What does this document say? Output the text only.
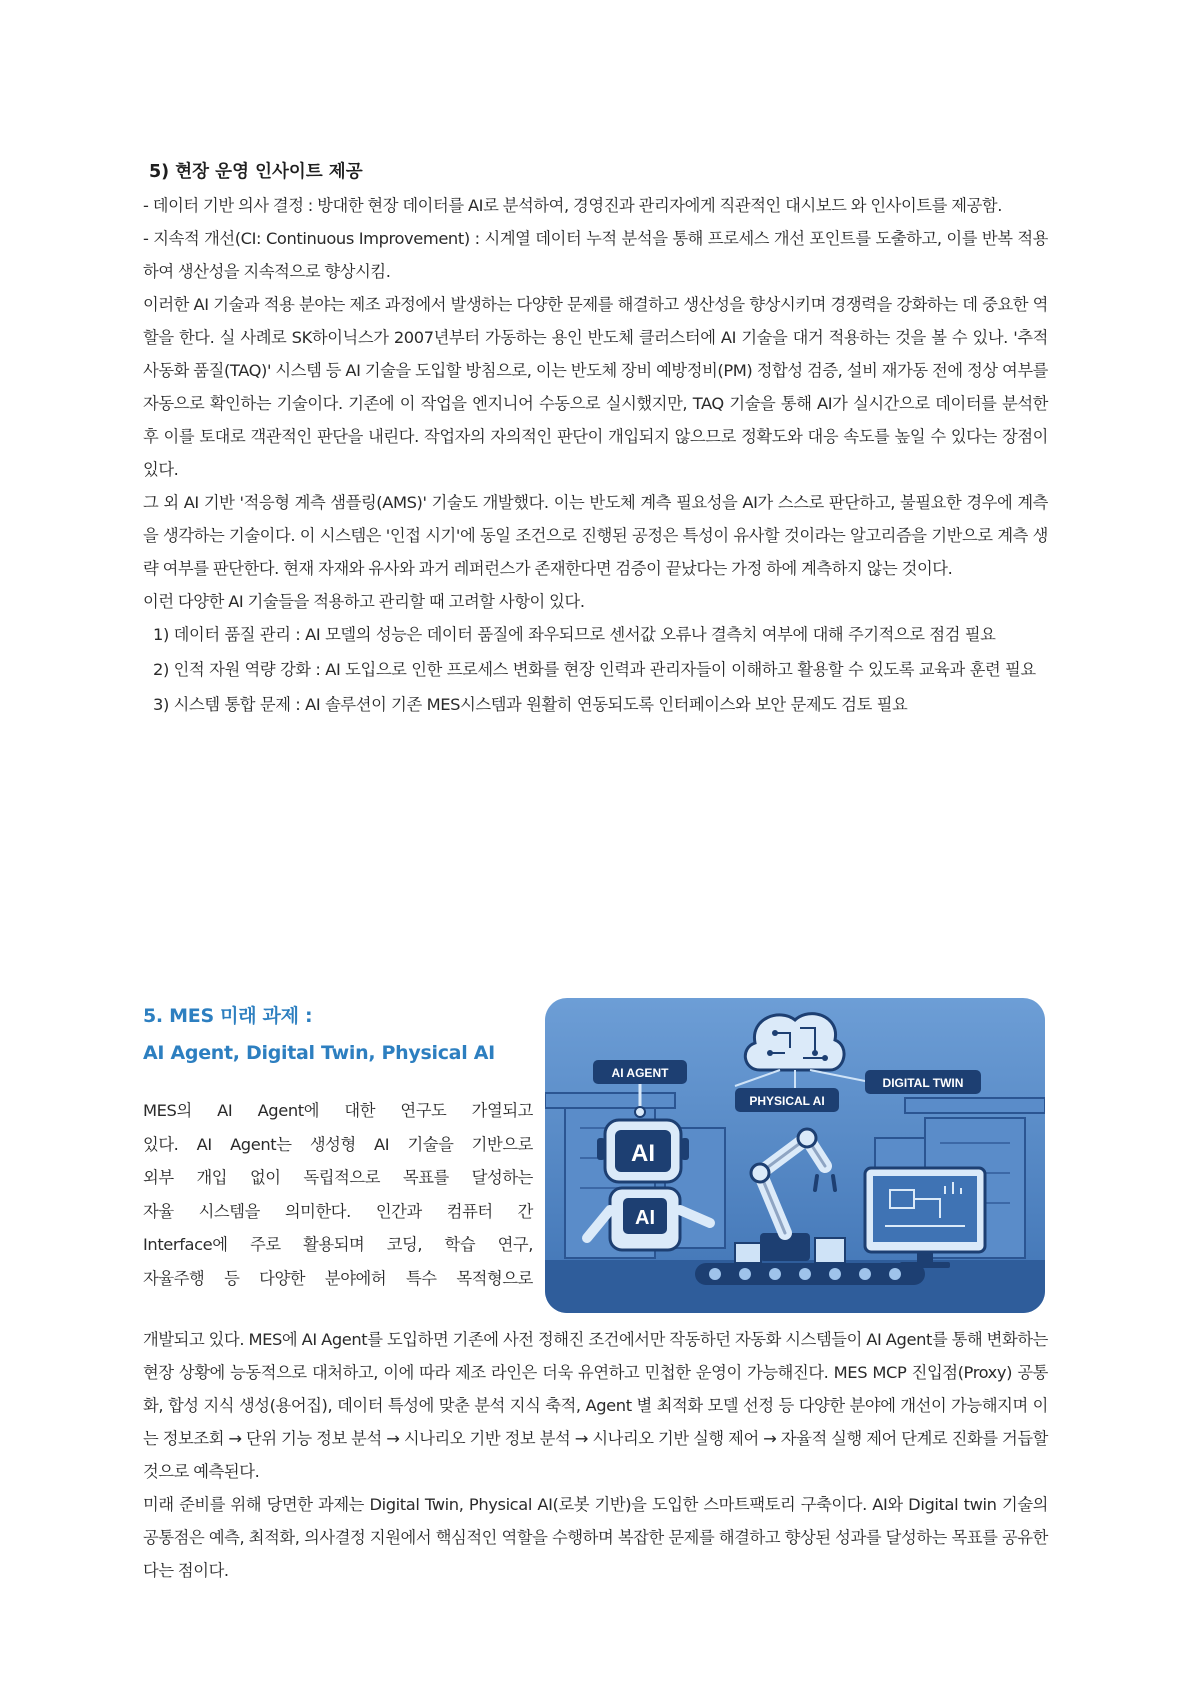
5) 현장 운영 인사이트 제공

- 데이터 기반 의사 결정 : 방대한 현장 데이터를 AI로 분석하여, 경영진과 관리자에게 직관적인 대시보드 와 인사이트를 제공함.

- 지속적 개선(CI: Continuous Improvement) : 시계열 데이터 누적 분석을 통해 프로세스 개선 포인트를 도출하고, 이를 반복 적용하여 생산성을 지속적으로 향상시킴.

이러한 AI 기술과 적용 분야는 제조 과정에서 발생하는 다양한 문제를 해결하고 생산성을 향상시키며 경쟁력을 강화하는 데 중요한 역할을 한다. 실 사례로 SK하이닉스가 2007년부터 가동하는 용인 반도체 클러스터에 AI 기술을 대거 적용하는 것을 볼 수 있나. '추적 사동화 품질(TAQ)' 시스템 등 AI 기술을 도입할 방침으로, 이는 반도체 장비 예방정비(PM) 정합성 검증, 설비 재가동 전에 정상 여부를 자동으로 확인하는 기술이다. 기존에 이 작업을 엔지니어 수동으로 실시했지만, TAQ 기술을 통해 AI가 실시간으로 데이터를 분석한 후 이를 토대로 객관적인 판단을 내린다. 작업자의 자의적인 판단이 개입되지 않으므로 정확도와 대응 속도를 높일 수 있다는 장점이 있다.

그 외 AI 기반 '적응형 계측 샘플링(AMS)' 기술도 개발했다. 이는 반도체 계측 필요성을 AI가 스스로 판단하고, 불필요한 경우에 계측을 생각하는 기술이다. 이 시스템은 '인접 시기'에 동일 조건으로 진행된 공정은 특성이 유사할 것이라는 알고리즘을 기반으로 계측 생략 여부를 판단한다. 현재 자재와 유사와 과거 레퍼런스가 존재한다면 검증이 끝났다는 가정 하에 계측하지 않는 것이다.

이런 다양한 AI 기술들을 적용하고 관리할 때 고려할 사항이 있다.

1) 데이터 품질 관리 : AI 모델의 성능은 데이터 품질에 좌우되므로 센서값 오류나 결측치 여부에 대해 주기적으로 점검 필요

2) 인적 자원 역량 강화 : AI 도입으로 인한 프로세스 변화를 현장 인력과 관리자들이 이해하고 활용할 수 있도록 교육과 훈련 필요

3) 시스템 통합 문제 : AI 솔루션이 기존 MES시스템과 원활히 연동되도록 인터페이스와 보안 문제도 검토 필요

5. MES 미래 과제 :
AI Agent, Digital Twin, Physical AI

MES의 AI Agent에 대한 연구도 가열되고

있다. AI Agent는 생성형 AI 기술을 기반으로

외부 개입 없이 독립적으로 목표를 달성하는

자율 시스템을 의미한다. 인간과 컴퓨터 간

Interface에 주로 활용되며 코딩, 학습 연구,

자율주행 등 다양한 분야에허 특수 목적형으로

AI AGENT
DIGITAL TWIN
PHYSICAL AI
AI
AI

개발되고 있다. MES에 AI Agent를 도입하면 기존에 사전 정해진 조건에서만 작동하던 자동화 시스템들이 AI Agent를 통해 변화하는 현장 상황에 능동적으로 대처하고, 이에 따라 제조 라인은 더욱 유연하고 민첩한 운영이 가능해진다. MES MCP 진입점(Proxy) 공통화, 합성 지식 생성(용어집), 데이터 특성에 맞춘 분석 지식 축적, Agent 별 최적화 모델 선정 등 다양한 분야에 개선이 가능해지며 이는 정보조회 → 단위 기능 정보 분석 → 시나리오 기반 정보 분석 → 시나리오 기반 실행 제어 → 자율적 실행 제어 단계로 진화를 거듭할 것으로 예측된다.

미래 준비를 위해 당면한 과제는 Digital Twin, Physical AI(로봇 기반)을 도입한 스마트팩토리 구축이다. AI와 Digital twin 기술의 공통점은 예측, 최적화, 의사결정 지원에서 핵심적인 역할을 수행하며 복잡한 문제를 해결하고 향상된 성과를 달성하는 목표를 공유한다는 점이다.
